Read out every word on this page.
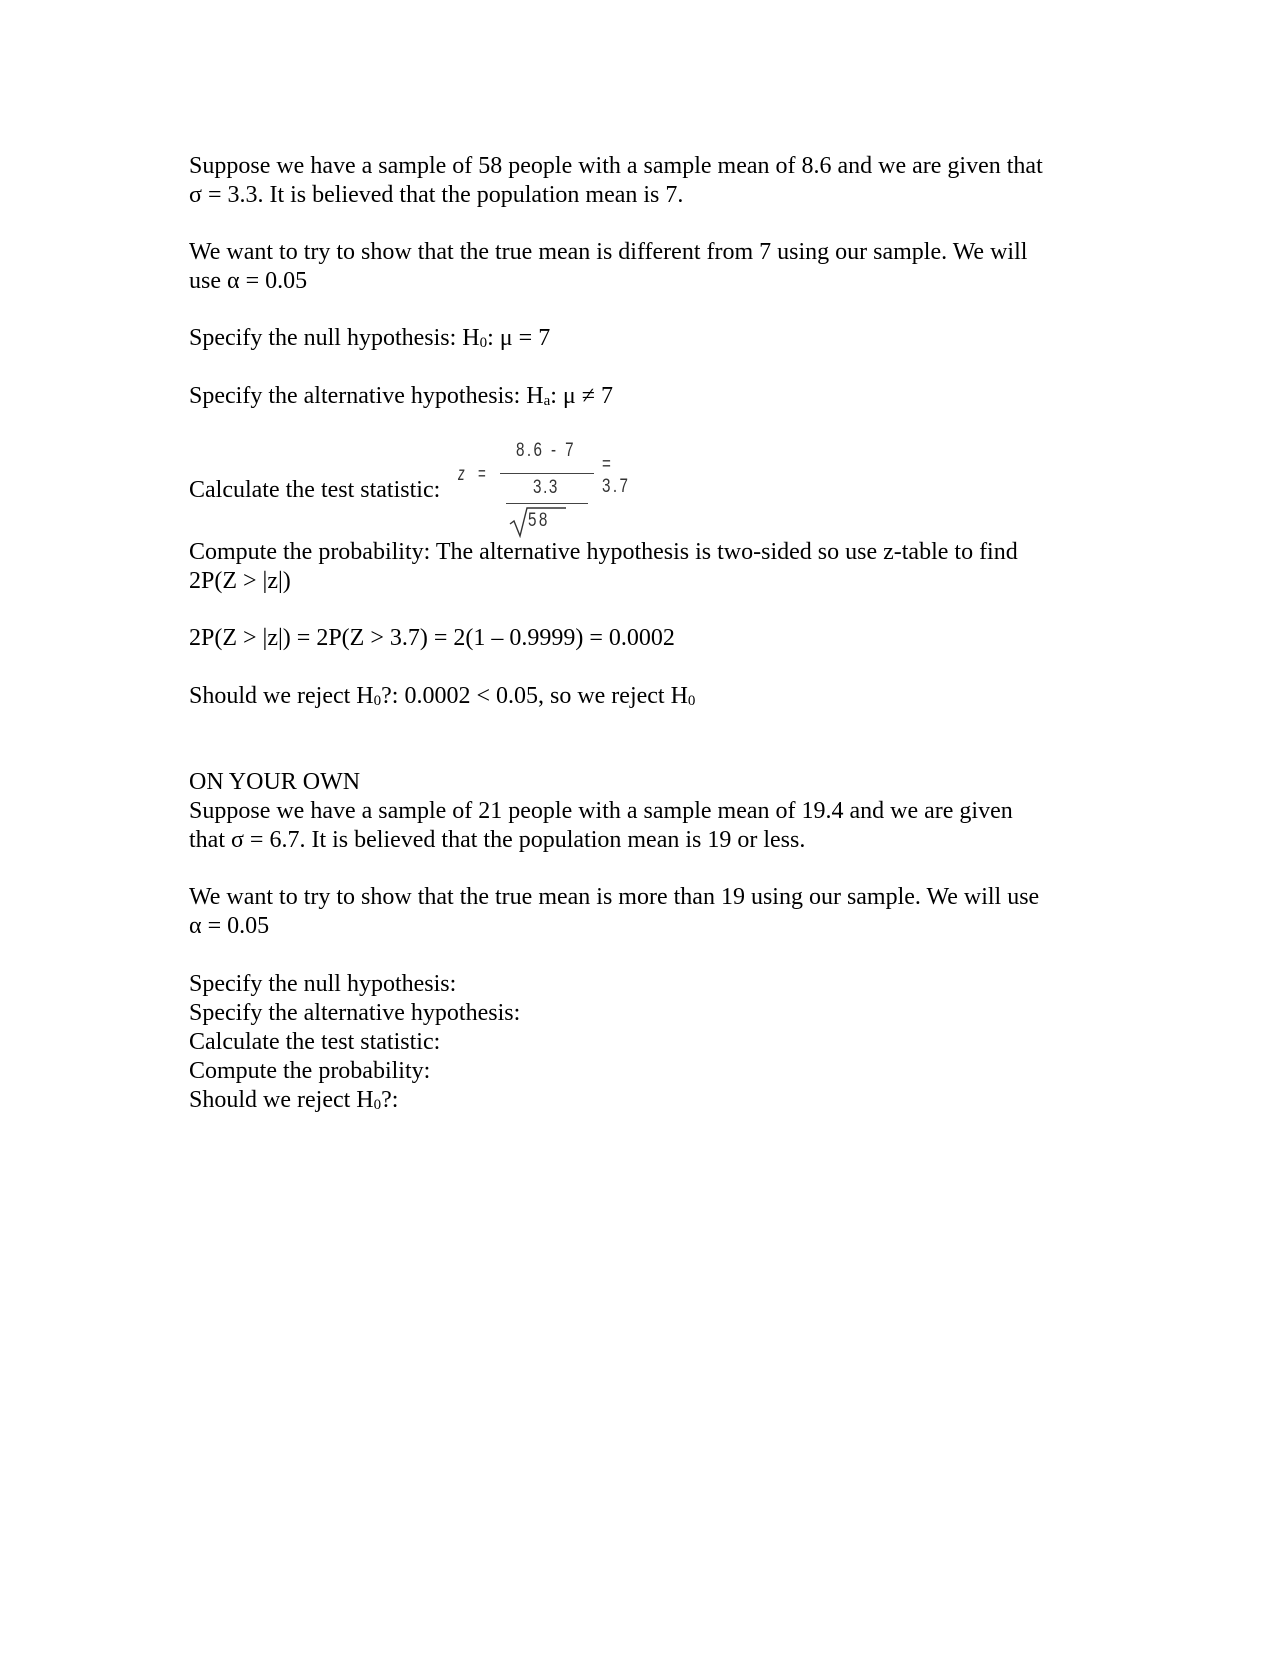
Suppose we have a sample of 58 people with a sample mean of 8.6 and we are given that
σ = 3.3. It is believed that the population mean is 7.
We want to try to show that the true mean is different from 7 using our sample. We will
use α = 0.05
Specify the null hypothesis: $H_0$: μ = 7
Specify the alternative hypothesis: $H_a$: μ ≠ 7
Calculate the test statistic:
z =
8.6 - 7
3.3
58
= 3.7
Compute the probability: The alternative hypothesis is two-sided so use z-table to find
2P(Z > |z|)
2P(Z > |z|) = 2P(Z > 3.7) = 2(1 – 0.9999) = 0.0002
Should we reject $H_0$?: 0.0002 < 0.05, so we reject $H_0$
ON YOUR OWN
Suppose we have a sample of 21 people with a sample mean of 19.4 and we are given
that σ = 6.7. It is believed that the population mean is 19 or less.
We want to try to show that the true mean is more than 19 using our sample. We will use
α = 0.05
Specify the null hypothesis:
Specify the alternative hypothesis:
Calculate the test statistic:
Compute the probability:
Should we reject $H_0$?:
